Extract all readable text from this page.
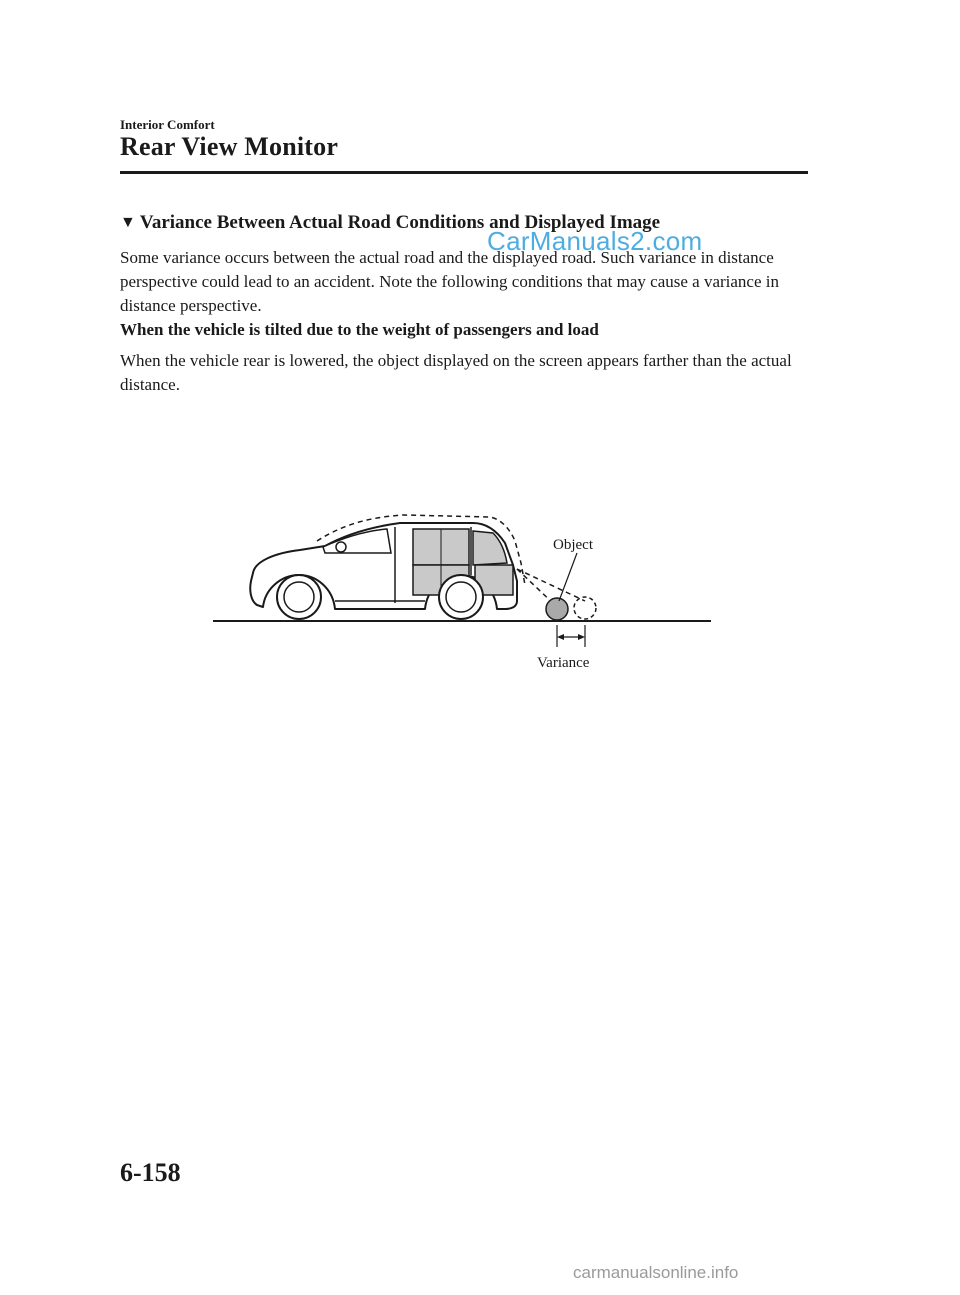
Interior Comfort
Rear View Monitor
▼ Variance Between Actual Road Conditions and Displayed Image
CarManuals2.com

Some variance occurs between the actual road and the displayed road. Such variance in distance perspective could lead to an accident. Note the following conditions that may cause a variance in distance perspective.

When the vehicle is tilted due to the weight of passengers and load

When the vehicle rear is lowered, the object displayed on the screen appears farther than the actual distance.

Object
Variance
6-158
carmanualsonline.info
